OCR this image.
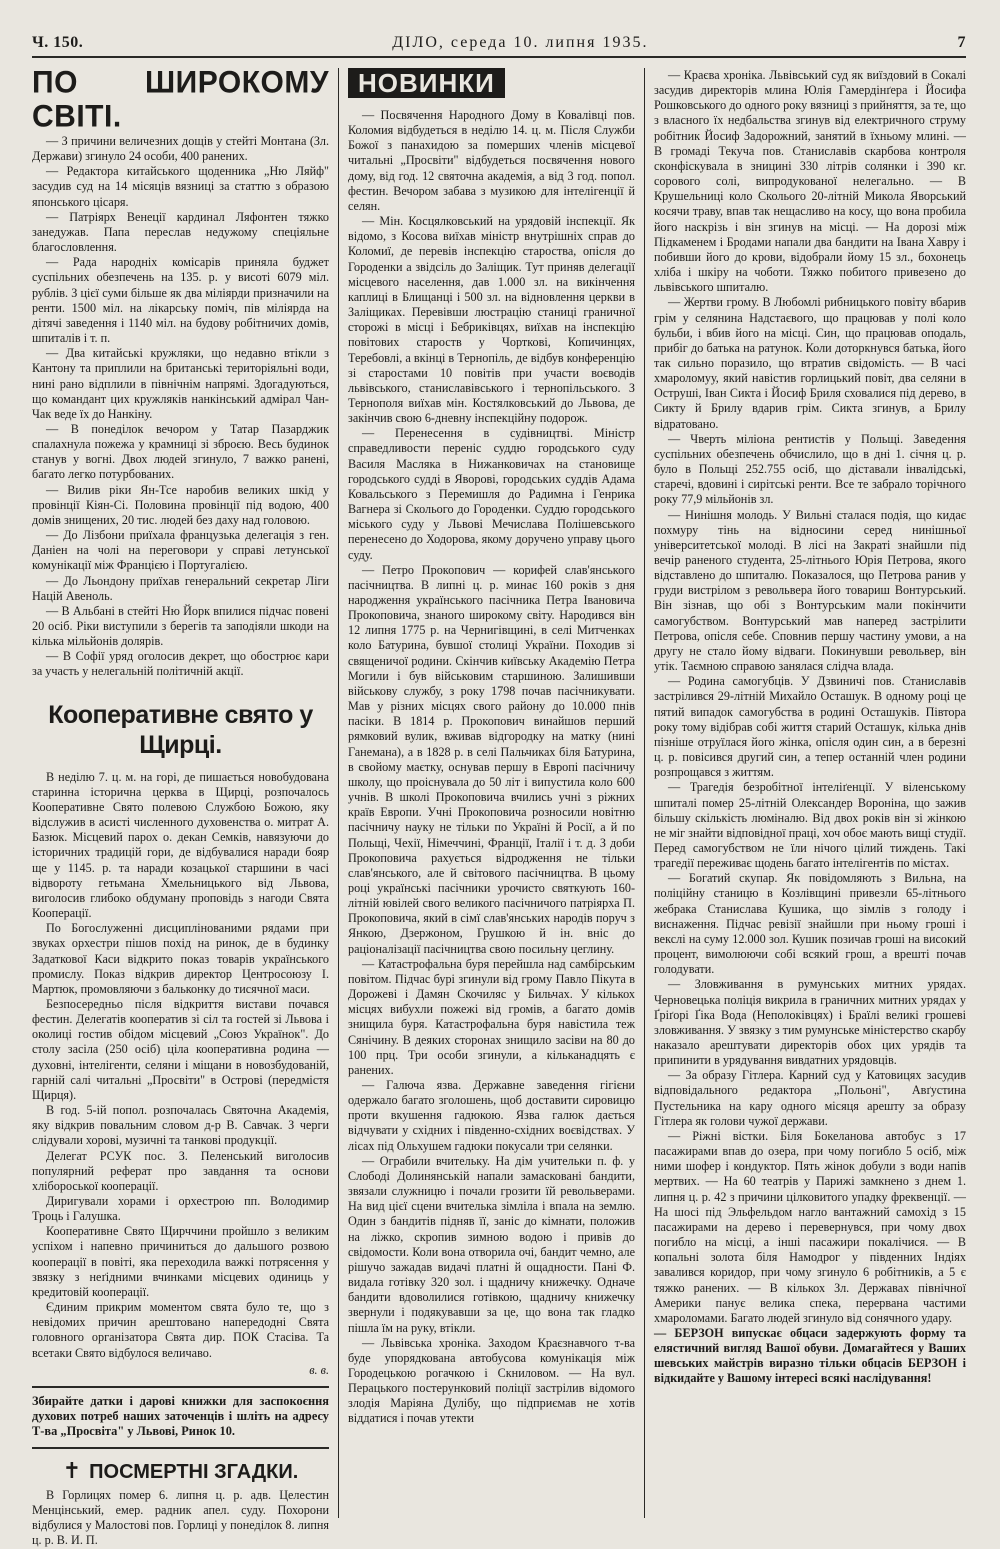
Ч. 150.	ДІЛО, середа 10. липня 1935.	7
ПО ШИРОКОМУ СВІТІ.

— З причини величезних дощів у стейті Монтана (Зл. Держави) згинуло 24 особи, 400 ранених.

— Редактора китайського щоденника „Ню Ляйф" засудив суд на 14 місяців вязниці за статтю з образою японського цісаря.

— Патріярх Венеції кардинал Ляфонтен тяжко занедужав. Папа переслав недужому спеціяльне благословлення.

— Рада народніх комісарів приняла буджет суспільних обезпечень на 135. р. у висоті 6079 міл. рублів. З цієї суми більше як два міліярди призначили на ренти. 1500 міл. на лікарську поміч, пів міліярда на дітячі заведення і 1140 міл. на будову робітничих домів, шпиталів і т. п.

— Два китайські кружляки, що недавно втікли з Кантону та приплили на британські територіяльні води, нині рано відплили в північнім напрямі. Здогадуються, що командант цих кружляків нанкінський адмірал Чан-Чак веде їх до Нанкіну.

— В понеділок вечором у Татар Пазарджик спалахнула пожежа у крамниці зі зброєю. Весь будинок станув у вогні. Двох людей згинуло, 7 важко ранені, багато легко потурбованих.

— Вилив ріки Ян-Тсе наробив великих шкід у провінції Кіян-Сі. Половина провінції під водою, 400 домів знищених, 20 тис. людей без даху над головою.

— До Лізбони приїхала французька делегація з ген. Даніен на чолі на переговори у справі летунської комунікації між Францією і Португалією.

— До Льондону приїхав генеральний секретар Ліги Націй Авеноль.

— В Альбані в стейті Ню Йорк впилися підчас повені 20 осіб. Ріки виступили з берегів та заподіяли шкоди на кілька мільйонів долярів.

— В Софії уряд оголосив декрет, що обострює кари за участь у нелегальній політичній акції.

Кооперативне свято у Щирці.

В неділю 7. ц. м. на горі, де пишається новобудована старинна історична церква в Щирці, розпочалось Кооперативне Свято полевою Службою Божою, яку відслужив в асисті численного духовенства о. митрат А. Базюк. Місцевий парох о. декан Семків, навязуючи до історичних традицій гори, де відбувалися наради бояр ще у 1145. р. та наради козацької старшини в часі відвороту гетьмана Хмельницького від Львова, виголосив глибоко обдуману проповідь з нагоди Свята Кооперації.

По Богослуженні дисциплінованими рядами при звуках орхестри пішов похід на ринок, де в будинку Задаткової Каси відкрито показ товарів українського промислу. Показ відкрив директор Центросоюзу І. Мартюк, промовляючи з бальконку до тисячної маси.

Безпосередньо після відкриття вистави почався фестин. Делегатів кооператив зі сіл та гостей зі Львова і околиці гостив обідом місцевий „Союз Українок". До столу засіла (250 осіб) ціла кооперативна родина — духовні, інтелігенти, селяни і міщани в новозбудованій, гарній салі читальні „Просвіти" в Острові (передмістя Щирця).

В год. 5-ій попол. розпочалась Святочна Академія, яку відкрив повальним словом д-р В. Савчак. З черги слідували хорові, музичні та танкові продукції.

Делегат РСУК пос. З. Пеленський виголосив популярний реферат про завдання та основи хлібороської кооперації.

Диригували хорами і орхестрою пп. Володимир Троць і Галушка.

Кооперативне Свято Щирччини пройшло з великим успіхом і напевно причиниться до дальшого розвою кооперації в повіті, яка переходила важкі потрясення у звязку з неґідними вчинками місцевих одиниць у кредитовій кооперації.

Єдиним прикрим моментом свята було те, що з невідомих причин арештовано напередодні Свята головного організатора Свята дир. ПОК Стасіва. Та всетаки Свято відбулося величаво.

в. в.

Збирайте датки і дарові книжки для заспокоєння духових потреб наших заточенців і шліть на адресу Т-ва „Просвіта" у Львові, Ринок 10.

✝ ПОСМЕРТНІ ЗГАДКИ.

В Горлицях помер 6. липня ц. р. адв. Целестин Менцінський, емер. радник апел. суду. Похорони відбулися у Малостові пов. Горлиці у понеділок 8. липня ц. р. В. И. П.

НОВИНКИ

— Посвячення Народного Дому в Ковалівці пов. Коломия відбудеться в неділю 14. ц. м. Після Служби Божої з панахидою за померших членів місцевої читальні „Просвіти" відбудеться посвячення нового дому, від год. 12 святочна академія, а від 3 год. попол. фестин. Вечором забава з музикою для інтелігенції й селян.

— Мін. Косцялковський на урядовій інспекції. Як відомо, з Косова виїхав міністр внутрішніх справ до Коломиї, де перевів інспекцію староства, опісля до Городенки а звідсіль до Заліщик. Тут приняв делегації місцевого населення, дав 1.000 зл. на викінчення каплиці в Блищанці і 500 зл. на відновлення церкви в Заліщиках. Перевівши люстрацію станиці граничної сторожі в місці і Бебриківцях, виїхав на інспекцію повітових староств у Чорткові, Копичинцях, Теребовлі, а вкінці в Тернопіль, де відбув конференцію зі старостами 10 повітів при участи воєводів львівського, станиславівського і тернопільського. З Тернополя виїхав мін. Костялковський до Львова, де закінчив свою 6-дневну інспекційну подорож.

— Перенесення в судівництві. Міністр справедливости переніс суддю городського суду Василя Масляка в Нижанковичах на становище городського судді в Яворові, городських суддів Адама Ковальського з Перемишля до Радимна і Генрика Вагнера зі Сколього до Городенки. Суддю городського міського суду у Львові Мечислава Полішевського перенесено до Ходорова, якому доручено управу цього суду.

— Петро Прокопович — корифей слав'янського пасічництва. В липні ц. р. минає 160 років з дня народження українського пасічника Петра Івановича Прокоповича, знаного широкому світу. Народився він 12 липня 1775 р. на Чернигівщині, в селі Митченках коло Батурина, бувшої столиці України. Походив зі священичої родини. Скінчив київську Академію Петра Могили і був військовим старшиною. Залишивши військову службу, з року 1798 почав пасічникувати. Мав у різних місцях свого району до 10.000 пнів пасіки. В 1814 р. Прокопович винайшов перший рямковий вулик, вживав відгородку на матку (нині Ганемана), а в 1828 р. в селі Пальчиках біля Батурина, в свойому маєтку, оснував першу в Европі пасічничу школу, що проіснувала до 50 літ і випустила коло 600 учнів. В школі Прокоповича вчились учні з ріжних країв Европи. Учні Прокоповича розносили новітню пасічничу науку не тільки по Україні й Росії, а й по Польщі, Чехії, Німеччині, Франції, Італії і т. д. З доби Прокоповича рахується відродження не тільки слав'янського, але й світового пасічництва. В цьому році українські пасічники урочисто святкують 160-літній ювілей свого великого пасічничого патріярха П. Прокоповича, який в сімї слав'янських народів поруч з Янкою, Дзержоном, Грушкою й ін. вніс до раціоналізації пасічництва свою посильну цеглину.

— Катастрофальна буря перейшла над самбірським повітом. Підчас бурі згинули від грому Павло Пікута в Дорожеві і Дамян Скочиляс у Бильчах. У кількох місцях вибухли пожежі від громів, а багато домів знищила буря. Катастрофальна буря навістила теж Сянічину. В деяких сторонах знищило засіви на 80 до 100 прц. Три особи згинули, а кільканадцять є ранених.

— Галюча язва. Державне заведення гігієни одержало багато зголошень, щоб доставити сировицю проти вкушення гадюкою. Язва галюк дається відчувати у східних і південно-східних воєвідствах. У лісах під Ольхушем гадюки покусали три селянки.

— Ограбили вчительку. На дім учительки п. ф. у Слободі Долинянській напали замасковані бандити, звязали служницю і почали грозити їй револьверами. На вид цієї сцени вчителька зімліла і впала на землю. Один з бандитів підняв її, заніс до кімнати, положив на ліжко, скропив зимною водою і привів до свідомости. Коли вона отворила очі, бандит чемно, але рішучо зажадав видачі платні й ощадности. Пані Ф. видала готівку 320 зол. і щадничу книжечку. Одначе бандити вдоволилися готівкою, щадничу книжечку звернули і подякувавши за це, що вона так гладко пішла їм на руку, втікли.

— Львівська хроніка. Заходом Краєзнавчого т-ва буде упорядкована автобусова комунікація між Городецькою рогачкою і Скниловом. — На вул. Перацького постерунковий поліції застрілив відомого злодія Маріяна Дулібу, що підприємав не хотів віддатися і почав утекти

— Краєва хроніка. Львівський суд як виїздовий в Сокалі засудив директорів млина Юлія Гамердінґера і Йосифа Рошковського до одного року вязниці з прийняття, за те, що з власного їх недбальства згинув від електричного струму робітник Йосиф Задорожний, занятий в їхньому млині. — В громаді Текуча пов. Станиславів скарбова контроля сконфіскувала в зницині 330 літрів солянки і 390 кг. сорового солі, випродукованої нелегально. — В Крушельниці коло Сколього 20-літній Микола Яворський косячи траву, впав так нещасливо на косу, що вона пробила його наскрізь і він згинув на місці. — На дорозі між Підкаменем і Бродами напали два бандити на Івана Хавру і побивши його до крови, відобрали йому 15 зл., бохонець хліба і шкіру на чоботи. Тяжко побитого привезено до львівського шпиталю.

— Жертви грому. В Любомлі рибницького повіту вбарив грім у селянина Надстаєвого, що працював у полі коло бульби, і вбив його на місці. Син, що працював оподаль, прибіг до батька на ратунок. Коли доторкнувся батька, його так сильно поразило, що втратив свідомість. — В часі хмароломуу, який навістив горлицький повіт, два селяни в Оструші, Іван Сикта і Йосиф Бриля сховалися під дерево, в Сикту й Брилу вдарив грім. Сикта згинув, а Брилу відратовано.

— Чверть міліона рентистів у Польщі. Заведення суспільних обезпечень обчислило, що в дні 1. січня ц. р. було в Польщі 252.755 осіб, що діставали інвалідські, старечі, вдовині і сирітські ренти. Все те забрало торічного року 77,9 мільйонів зл.

— Нинішня молодь. У Вильні сталася подія, що кидає похмуру тінь на відносини серед нинішньої університетської молоді. В лісі на Закраті знайшли під вечір раненого студента, 25-літнього Юрія Петрова, якого відставлено до шпиталю. Показалося, що Петрова ранив у груди вистрілом з револьвера його товариш Вонтурський. Він зізнав, що обі з Вонтурським мали покінчити самогубством. Вонтурський мав наперед застрілити Петрова, опісля себе. Сповнив першу частину умови, а на другу не стало йому відваги. Покинувши револьвер, він утік. Таємною справою занялася слідча влада.

— Родина самогубців. У Дзвиничі пов. Станиславів застрілився 29-літній Михайло Осташук. В одному році це пятий випадок самогубства в родині Осташуків. Півтора року тому відібрав собі життя старий Осташук, кілька днів пізніше отруїлася його жінка, опісля один син, а в березні ц. р. повісився другий син, а тепер останній член родини розпрощався з життям.

— Трагедія безробітної інтеліґенції. У віленському шпиталі помер 25-літній Олександер Вороніна, що зажив більшу скількість люміналю. Від двох років він зі жінкою не міг знайти відповідної праці, хоч обоє мають вищі студії. Перед самогубством не їли нічого цілий тиждень. Такі трагедії переживає щодень багато інтелігентів по містах.

— Богатий скупар. Як повідомляють з Вильна, на поліційну станицю в Козлівщині привезли 65-літнього жебрака Станислава Кушика, що зімлів з голоду і виснаження. Підчас ревізії знайшли при ньому гроші і векслі на суму 12.000 зол. Кушик позичав гроші на високий процент, вимолюючи собі всякий грош, а врешті почав голодувати.

— Зловживання в румунських митних урядах. Черновецька поліція викрила в граничних митних урядах у Ґріґорі Ґіка Вода (Неполоківцях) і Браїлі великі грошеві зловживання. У звязку з тим румунське міністерство скарбу наказало арештувати директорів обох цих урядів та припинити в урядування вивдатних урядовців.

— За образу Гітлера. Карний суд у Катовицях засудив відповідального редактора „Польоні", Авґустина Пустельника на кару одного місяця арешту за образу Гітлера як голови чужої держави.

— Ріжні вістки. Біля Бокеланова автобус з 17 пасажирами впав до озера, при чому погибло 5 осіб, між ними шофер і кондуктор. Пять жінок добули з води напів мертвих. — На 60 театрів у Парижі замкнено з днем 1. липня ц. р. 42 з причини цілковитого упадку фреквенції. — На шосі під Эльфельдом нагло вантажний самохід з 15 пасажирами на дерево і перевернувся, при чому двох погибло на місці, а інші пасажири покалічися. — В копальні золота біля Намодрог у південних Індіях завалився коридор, при чому згинуло 6 робітників, а 5 є тяжко ранених. — В кількох Зл. Державах північної Америки панує велика спека, перервана частими хмароломами. Багато людей згинуло від сонячного удару.

— БЕРЗОН випускає обцаси задержують форму та елястичний вигляд Вашої обуви. Домагайтеся у Ваших шевських майстрів виразно тільки обцасів БЕРЗОН і відкидайте у Вашому інтересі всякі наслідування!
